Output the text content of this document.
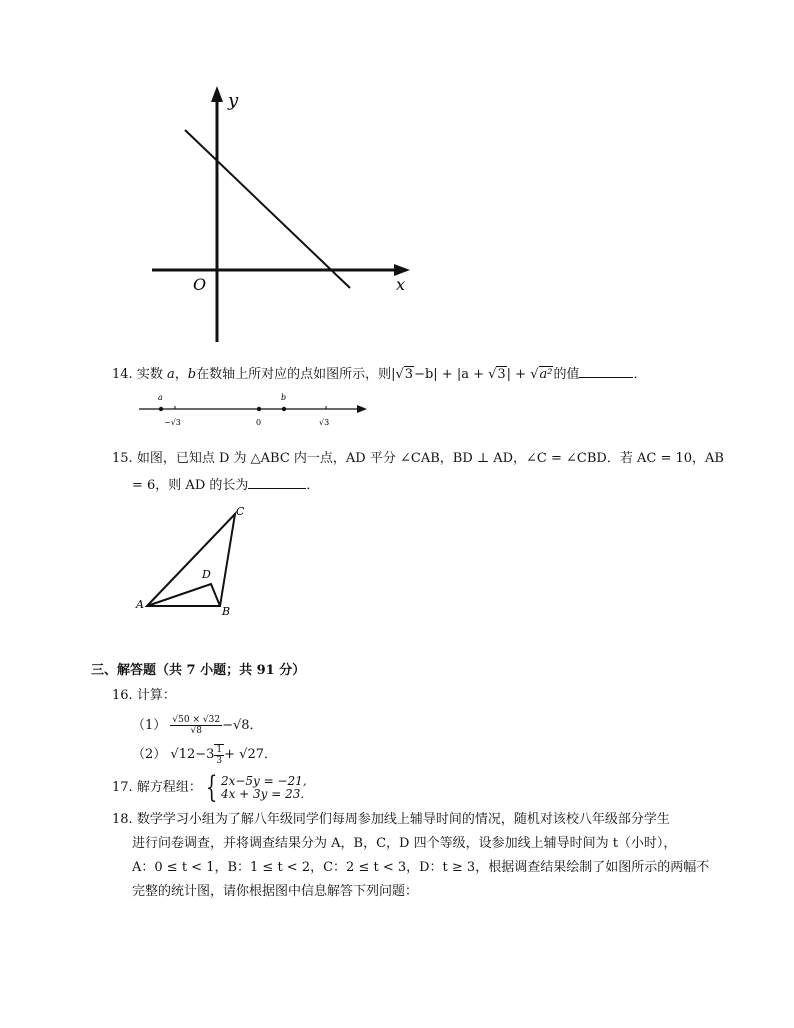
y
x
O
14. 实数 a，b在数轴上所对应的点如图所示，则|√3−b| + |a + √3| + √a²的值	．
a	b
−√3	0	√3
15. 如图，已知点 D 为 △ABC 内一点，AD 平分 ∠CAB，BD ⊥ AD，∠C = ∠CBD．若 AC = 10，AB
= 6，则 AD 的长为	．
C
D
A
B
三、解答题（共 7 小题；共 91 分）
16. 计算：
$(1) \frac{√50 \times √32}{√8} -√8$．
（2） $√12-3 \frac{1}{3} + √27$．
17. 解方程组： { 2x−5y = −21,
4x + 3y = 23.
18. 数学学习小组为了解八年级同学们每周参加线上辅导时间的情况，随机对该校八年级部分学生
进行问卷调查，并将调查结果分为 A，B，C，D 四个等级，设参加线上辅导时间为 t（小时），
A：0 ≤ t < 1，B：1 ≤ t < 2，C：2 ≤ t < 3，D：t ≥ 3，根据调查结果绘制了如图所示的两幅不
完整的统计图，请你根据图中信息解答下列问题：
